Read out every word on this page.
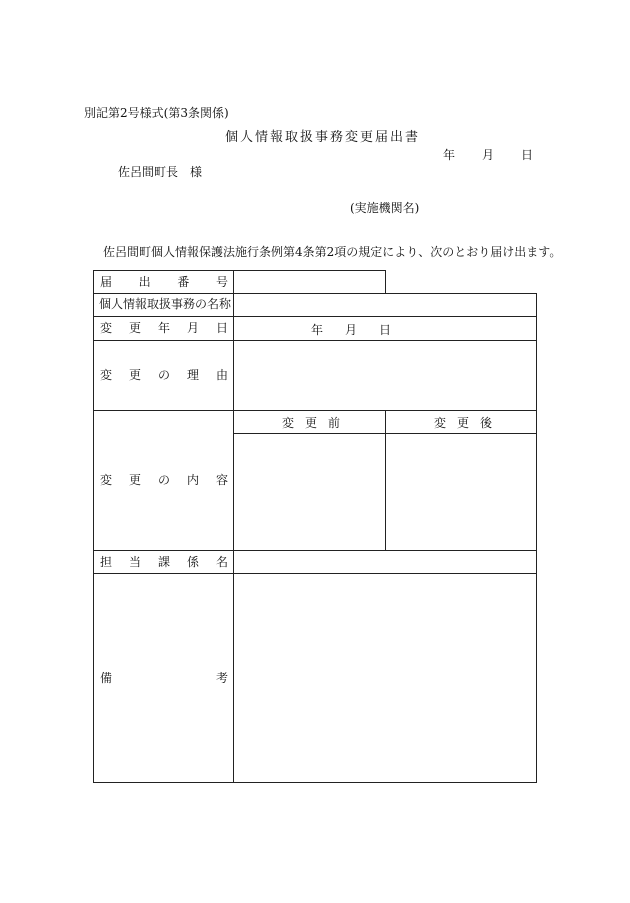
別記第2号様式(第3条関係)
個人情報取扱事務変更届出書
年 月 日
佐呂間町長　様
(実施機関名)
佐呂間町個人情報保護法施行条例第4条第2項の規定により、次のとおり届け出ます。
届 出 番 号
個人情報取扱事務の名称
変 更 年 月 日	年 月 日
変 更 の 理 由
変 更 の 内 容
変 更 前	変 更 後
担 当 課 係 名
備	考
